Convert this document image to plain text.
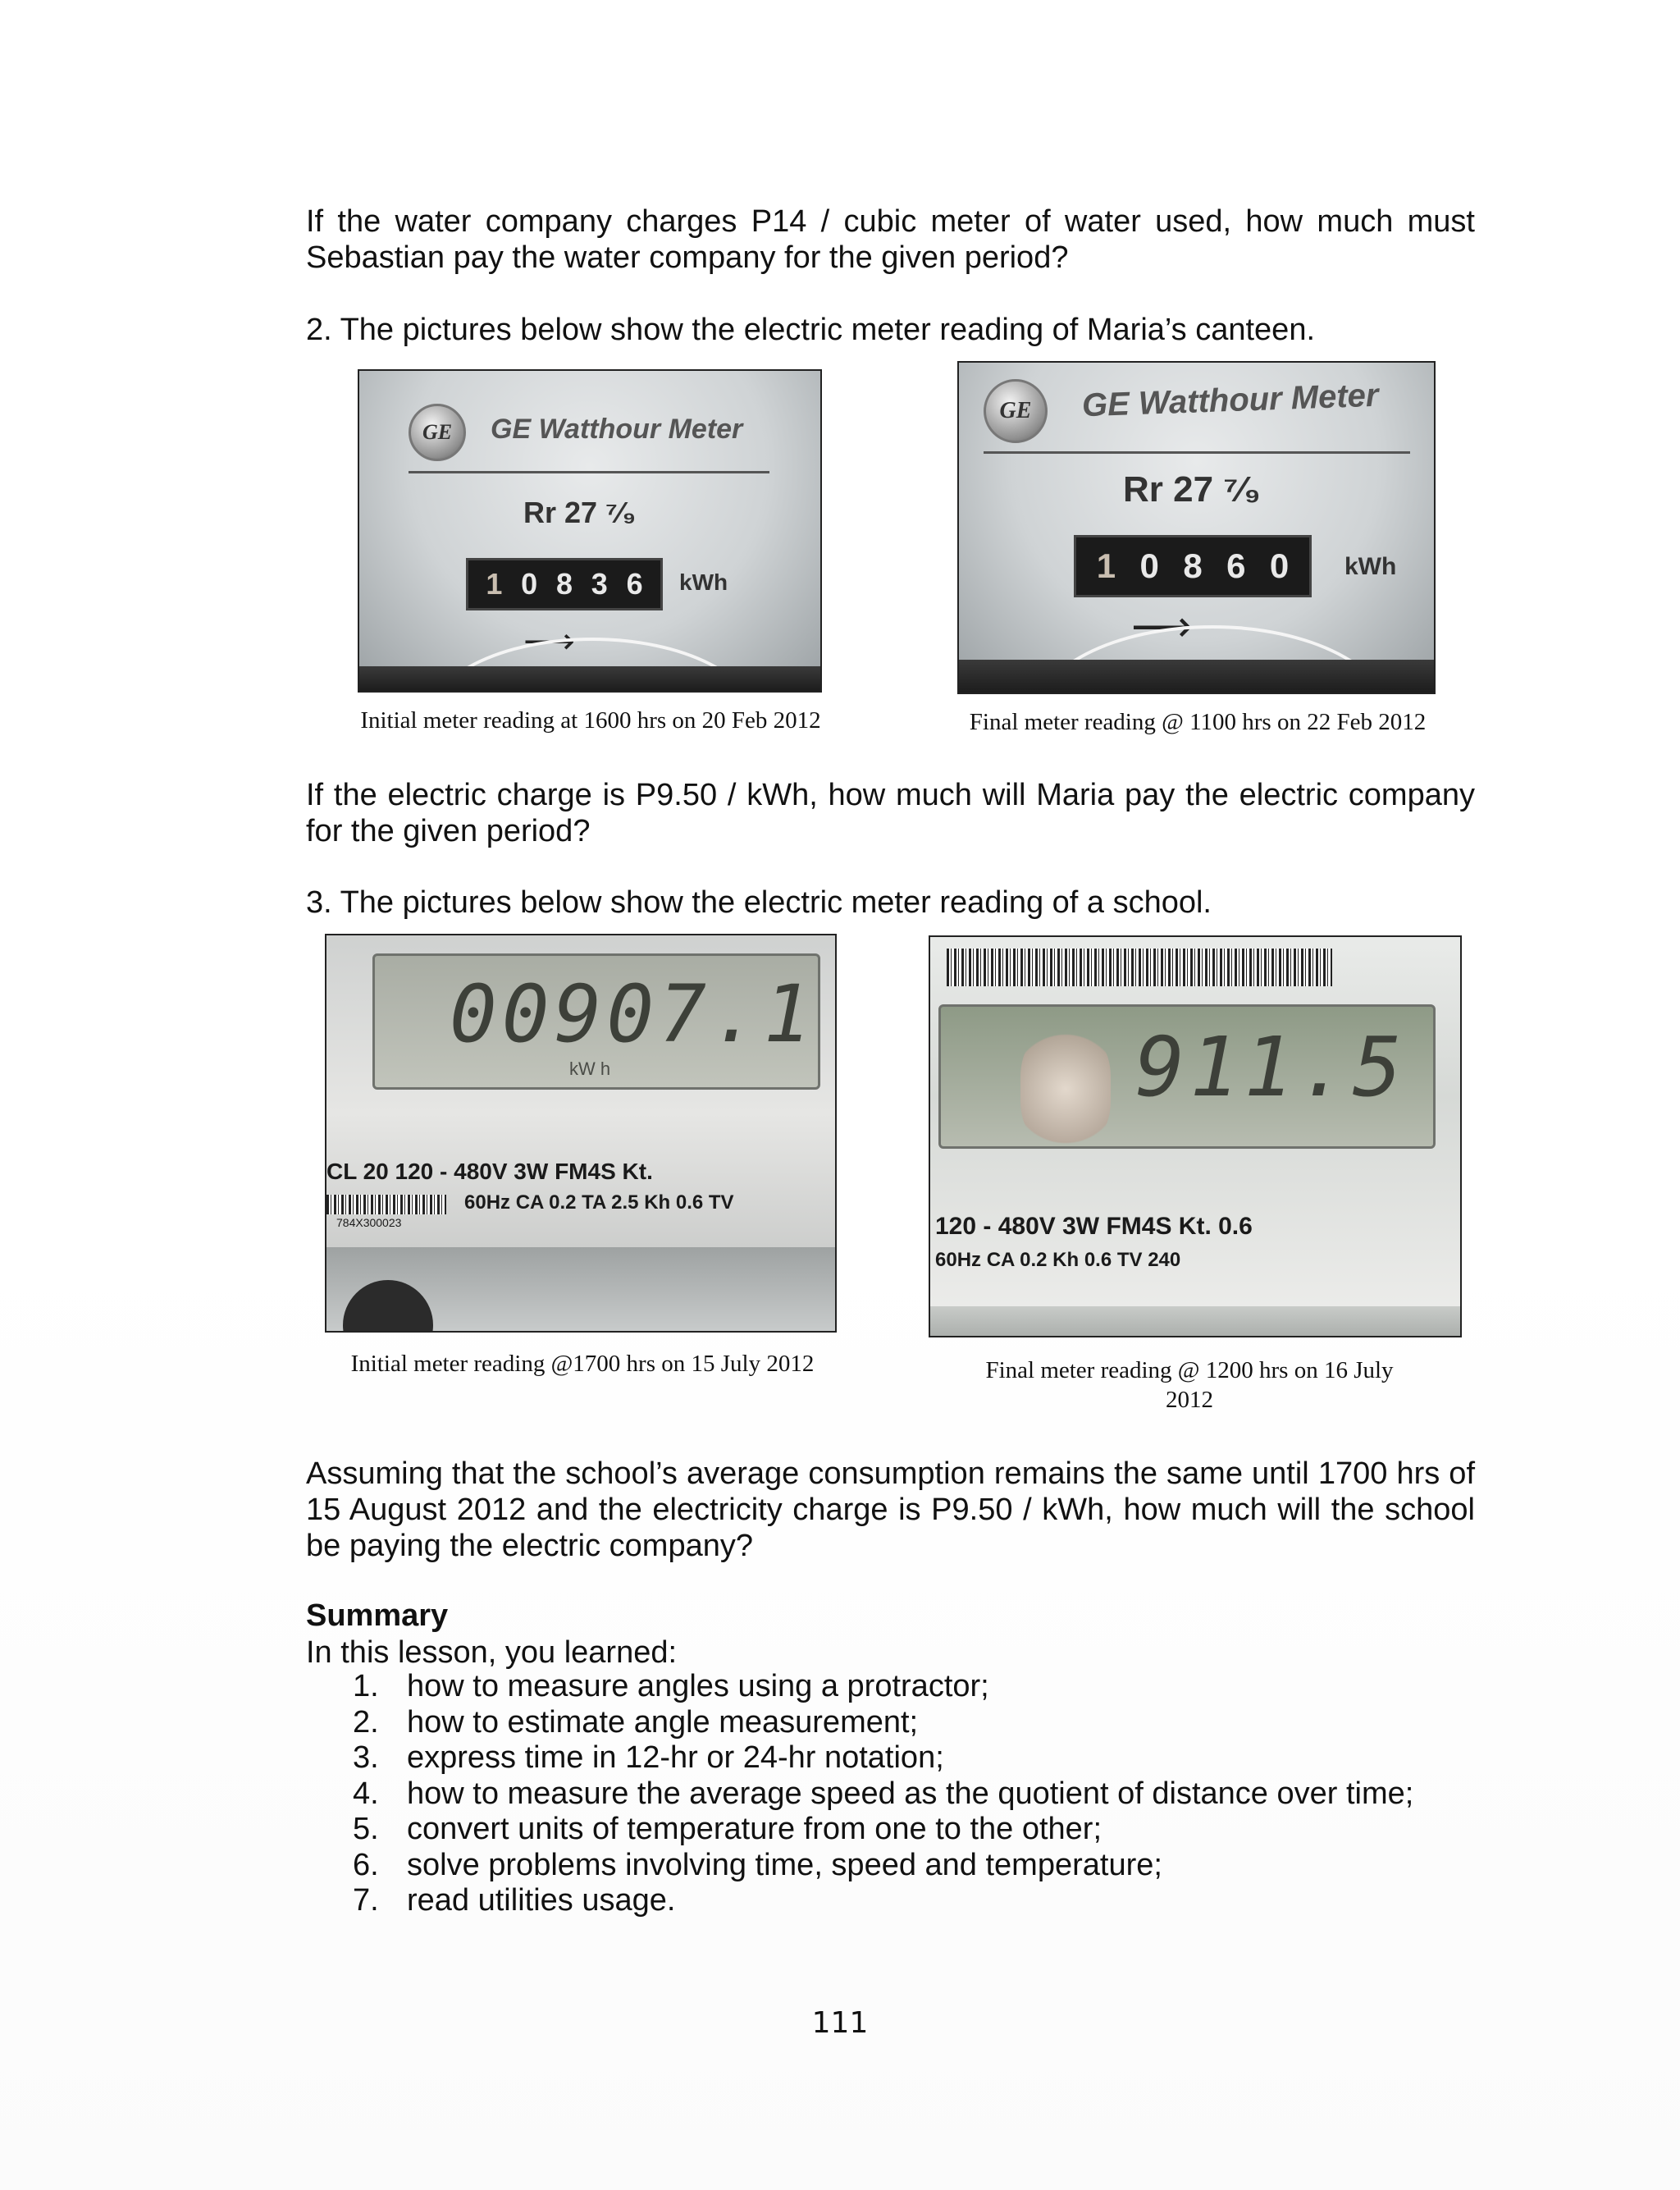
If the water company charges P14 / cubic meter of water used, how much must Sebastian pay the water company for the given period?

2. The pictures below show the electric meter reading of Maria’s canteen.

GE	GE Watthour Meter
Rr 27 ⁷⁄₉
1 0 8 3 6 kWh
⟶
Initial meter reading at 1600 hrs on 20 Feb 2012
GE	GE Watthour Meter
Rr 27 ⁷⁄₉
1 0 8 6 0 kWh
⟶
Final meter reading @ 1100 hrs on 22 Feb 2012

If the electric charge is P9.50 / kWh, how much will Maria pay the electric company for the given period?

3. The pictures below show the electric meter reading of a school.

00907.1
kW h
CL 20 120 - 480V 3W FM4S Kt.
60Hz CA 0.2 TA 2.5 Kh 0.6 TV
784X300023
Initial meter reading @1700 hrs on 15 July 2012
911.5
120 - 480V 3W FM4S Kt. 0.6
60Hz CA 0.2 Kh 0.6 TV 240
Final meter reading @ 1200 hrs on 16 July 2012

Assuming that the school’s average consumption remains the same until 1700 hrs of 15 August 2012 and the electricity charge is P9.50 / kWh, how much will the school be paying the electric company?

Summary
In this lesson, you learned:
1. how to measure angles using a protractor;
2. how to estimate angle measurement;
3. express time in 12-hr or 24-hr notation;
4. how to measure the average speed as the quotient of distance over time;
5. convert units of temperature from one to the other;
6. solve problems involving time, speed and temperature;
7. read utilities usage.
111
